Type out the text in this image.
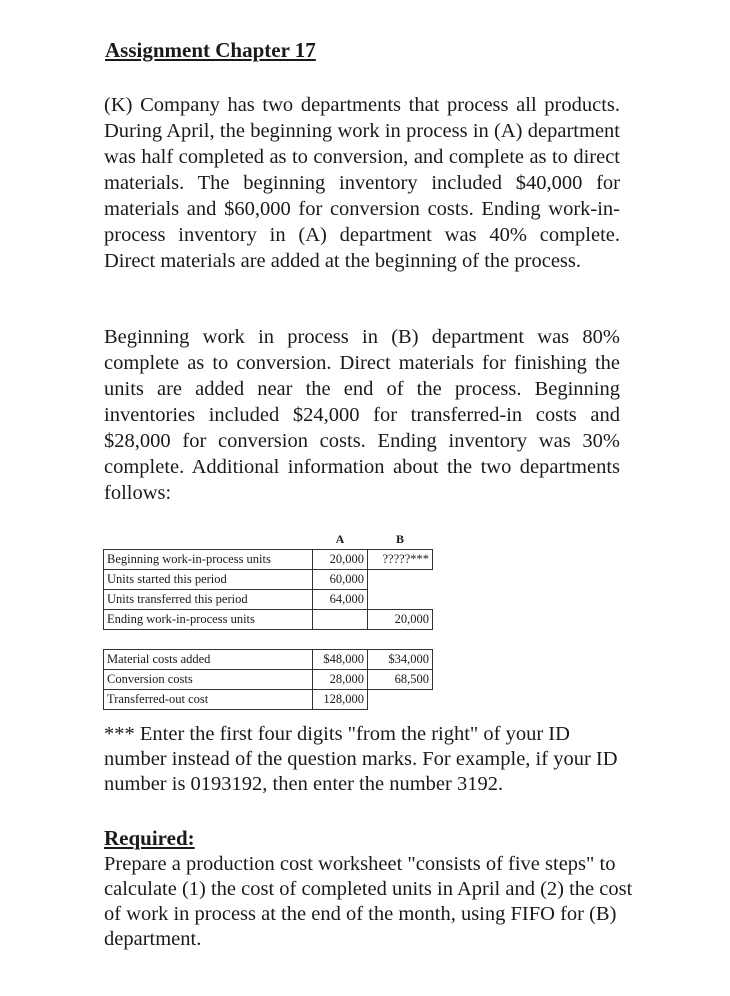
Assignment Chapter 17

(K) Company has two departments that process all products. During April, the beginning work in process in (A) department was half completed as to conversion, and complete as to direct materials. The beginning inventory included $40,000 for materials and $60,000 for conversion costs. Ending work-in-process inventory in (A) department was 40% complete. Direct materials are added at the beginning of the process.

Beginning work in process in (B) department was 80% complete as to conversion. Direct materials for finishing the units are added near the end of the process. Beginning inventories included $24,000 for transferred-in costs and $28,000 for conversion costs. Ending inventory was 30% complete. Additional information about the two departments follows:

	A	B
Beginning work-in-process units	20,000	?????***
Units started this period	60,000	
Units transferred this period	64,000	
Ending work-in-process units		20,000

Material costs added	$48,000	$34,000
Conversion costs	28,000	68,500
Transferred-out cost	128,000	

*** Enter the first four digits "from the right" of your ID number instead of the question marks. For example, if your ID number is 0193192, then enter the number 3192.

Required:

Prepare a production cost worksheet "consists of five steps" to calculate (1) the cost of completed units in April and (2) the cost of work in process at the end of the month, using FIFO for (B) department.
